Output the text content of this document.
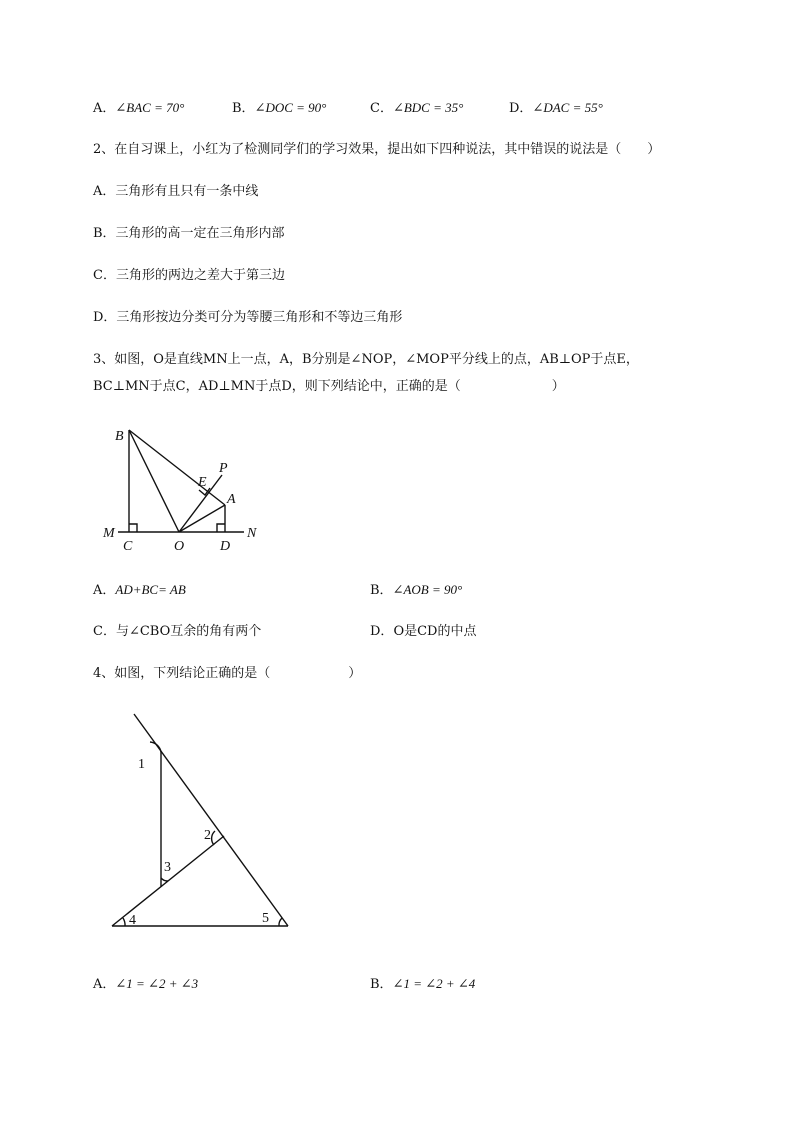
A．∠BAC = 70°	B．∠DOC = 90°	C．∠BDC = 35°	D．∠DAC = 55°
2、在自习课上，小红为了检测同学们的学习效果，提出如下四种说法，其中错误的说法是（　　）
A．三角形有且只有一条中线
B．三角形的高一定在三角形内部
C．三角形的两边之差大于第三边
D．三角形按边分类可分为等腰三角形和不等边三角形
3、如图，O是直线MN上一点，A，B分别是∠NOP，∠MOP平分线上的点，AB⊥OP于点E，
BC⊥MN于点C，AD⊥MN于点D，则下列结论中，正确的是（　　　　　　　）
B
P
E
A
M
C	O	D
N
A．AD+BC= AB	B．∠AOB = 90°
C．与∠CBO互余的角有两个	D．O是CD的中点
4、如图，下列结论正确的是（　　　　　　）
1
2
3
4	5
A．∠1 = ∠2 + ∠3	B．∠1 = ∠2 + ∠4
